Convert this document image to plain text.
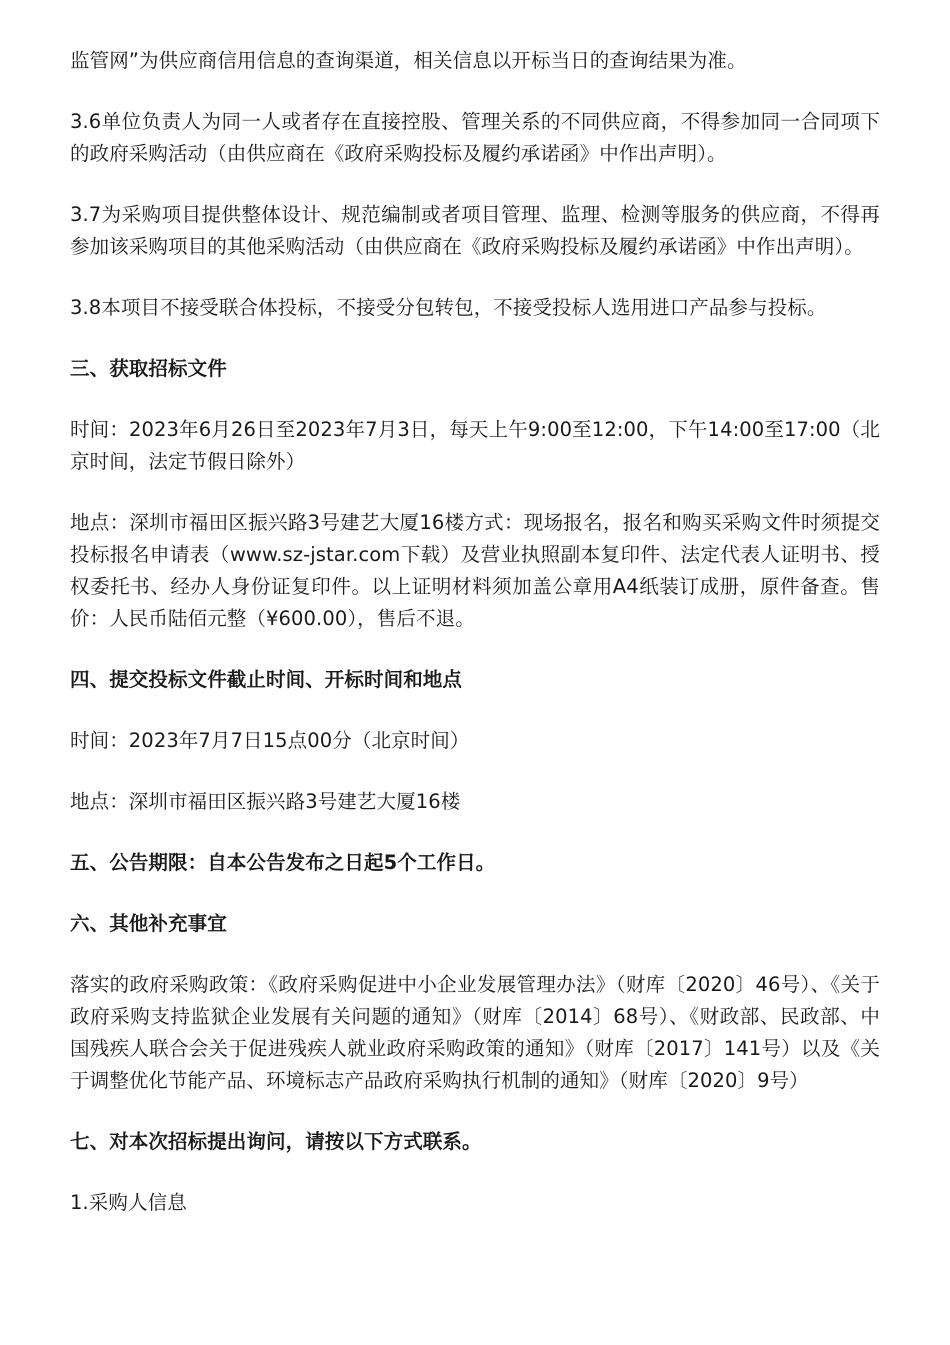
监管网”为供应商信用信息的查询渠道，相关信息以开标当日的查询结果为准。

3.6单位负责人为同一人或者存在直接控股、管理关系的不同供应商，不得参加同一合同项下的政府采购活动（由供应商在《政府采购投标及履约承诺函》中作出声明）。

3.7为采购项目提供整体设计、规范编制或者项目管理、监理、检测等服务的供应商，不得再参加该采购项目的其他采购活动（由供应商在《政府采购投标及履约承诺函》中作出声明）。

3.8本项目不接受联合体投标，不接受分包转包，不接受投标人选用进口产品参与投标。

三、获取招标文件

时间：2023年6月26日至2023年7月3日，每天上午9:00至12:00，下午14:00至17:00（北京时间，法定节假日除外）

地点：深圳市福田区振兴路3号建艺大厦16楼方式：现场报名，报名和购买采购文件时须提交投标报名申请表（www.sz-jstar.com下载）及营业执照副本复印件、法定代表人证明书、授权委托书、经办人身份证复印件。以上证明材料须加盖公章用A4纸装订成册，原件备查。售价：人民币陆佰元整（¥600.00），售后不退。

四、提交投标文件截止时间、开标时间和地点

时间：2023年7月7日15点00分（北京时间）

地点：深圳市福田区振兴路3号建艺大厦16楼

五、公告期限：自本公告发布之日起5个工作日。

六、其他补充事宜

落实的政府采购政策：《政府采购促进中小企业发展管理办法》（财库〔2020〕46号）、《关于政府采购支持监狱企业发展有关问题的通知》（财库〔2014〕68号）、《财政部、民政部、中国残疾人联合会关于促进残疾人就业政府采购政策的通知》（财库〔2017〕141号）以及《关于调整优化节能产品、环境标志产品政府采购执行机制的通知》（财库〔2020〕9号）

七、对本次招标提出询问，请按以下方式联系。

1.采购人信息
